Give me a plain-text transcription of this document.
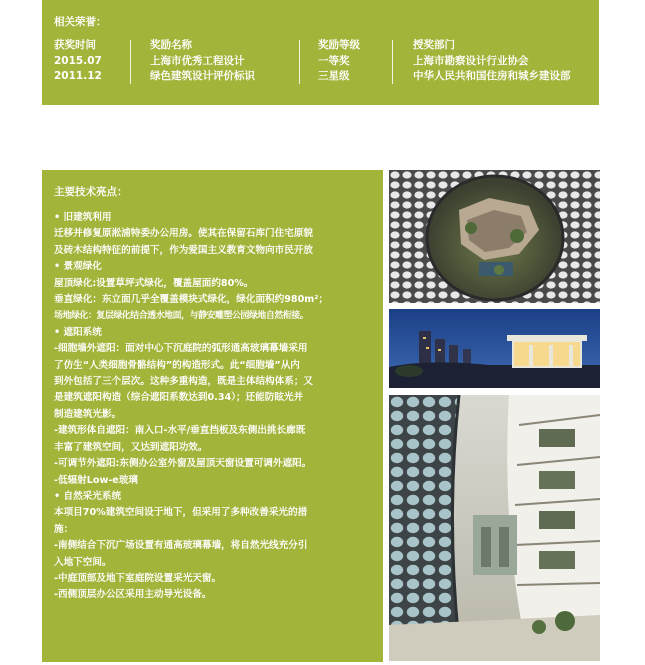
相关荣誉：
获奖时间
2015.07
2011.12
奖励名称
上海市优秀工程设计
绿色建筑设计评价标识
奖励等级
一等奖
三星级
授奖部门
上海市勘察设计行业协会
中华人民共和国住房和城乡建设部
主要技术亮点：
• 旧建筑利用
迁移并修复原淞浦特委办公用房。使其在保留石库门住宅原貌
及砖木结构特征的前提下，作为爱国主义教育文物向市民开放
• 景观绿化
屋顶绿化:设置草坪式绿化，覆盖屋面约80%。
垂直绿化：东立面几乎全覆盖模块式绿化，绿化面积约980m²；
场地绿化：复层绿化结合透水地面，与静安雕塑公园绿地自然衔接。
• 遮阳系统
-细胞墙外遮阳：面对中心下沉庭院的弧形通高玻璃幕墙采用
了仿生“人类细胞骨骼结构”的构造形式。此“细胞墙”从内
到外包括了三个层次。这种多重构造，既是主体结构体系；又
是建筑遮阳构造（综合遮阳系数达到0.34）；还能防眩光并
制造建筑光影。
-建筑形体自遮阳：南入口-水平/垂直挡板及东侧出挑长廊既
丰富了建筑空间，又达到遮阳功效。
-可调节外遮阳:东侧办公室外窗及屋顶天窗设置可调外遮阳。
-低辐射Low-e玻璃
• 自然采光系统
本项目70%建筑空间设于地下，但采用了多种改善采光的措
施：
-南侧结合下沉广场设置有通高玻璃幕墙，将自然光线充分引
入地下空间。
-中庭顶部及地下室庭院设置采光天窗。
-西侧顶层办公区采用主动导光设备。
